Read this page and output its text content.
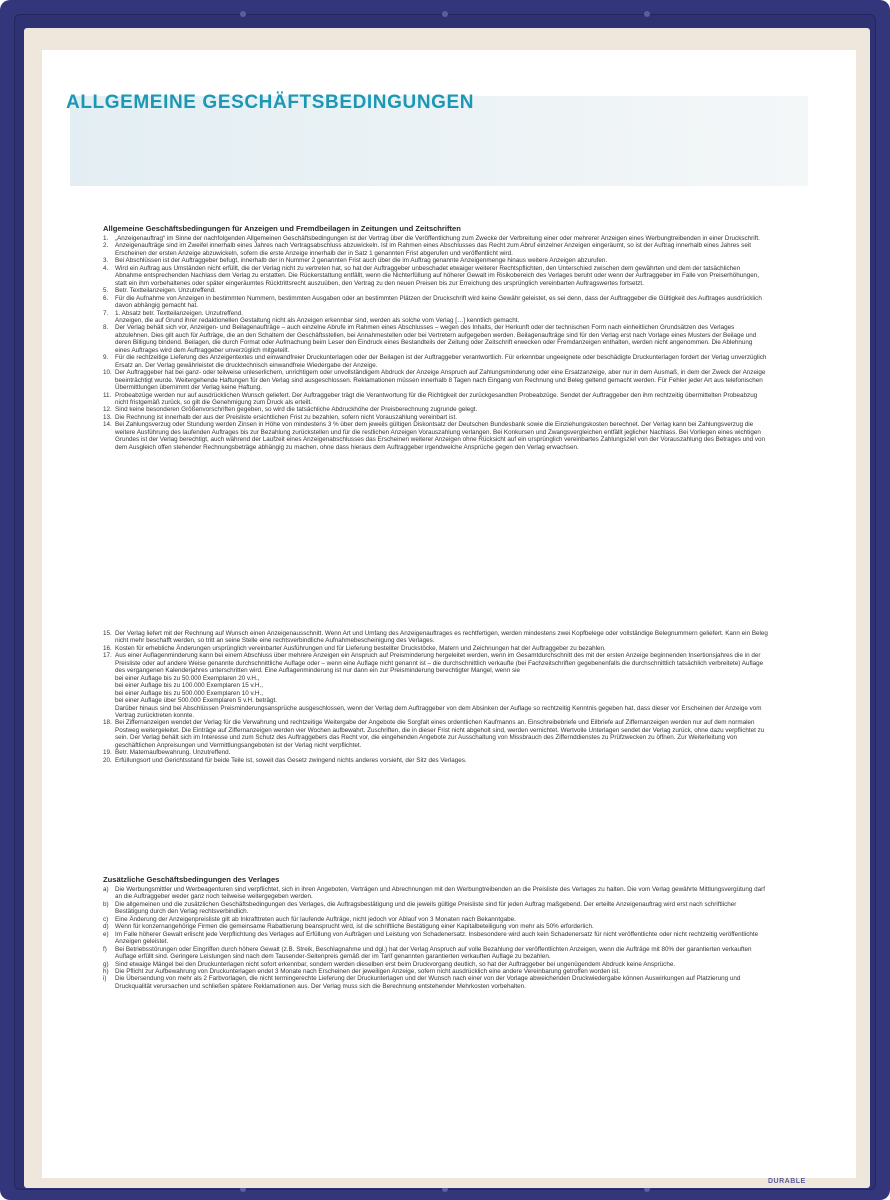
ALLGEMEINE GESCHÄFTSBEDINGUNGEN
Allgemeine Geschäftsbedingungen für Anzeigen und Fremdbeilagen in Zeitungen und Zeitschriften
1.	„Anzeigenauftrag“ im Sinne der nachfolgenden Allgemeinen Geschäftsbedingungen ist der Vertrag über die Veröffentlichung zum Zwecke der Verbreitung einer oder mehrerer Anzeigen eines Werbungtreibenden in einer Druckschrift.
2.	Anzeigenaufträge sind im Zweifel innerhalb eines Jahres nach Vertragsabschluss abzuwickeln. Ist im Rahmen eines Abschlusses das Recht zum Abruf einzelner Anzeigen eingeräumt, so ist der Auftrag innerhalb eines Jahres seit Erscheinen der ersten Anzeige abzuwickeln, sofern die erste Anzeige innerhalb der in Satz 1 genannten Frist abgerufen und veröffentlicht wird.
3.	Bei Abschlüssen ist der Auftraggeber befugt, innerhalb der in Nummer 2 genannten Frist auch über die im Auftrag genannte Anzeigenmenge hinaus weitere Anzeigen abzurufen.
4.	Wird ein Auftrag aus Umständen nicht erfüllt, die der Verlag nicht zu vertreten hat, so hat der Auftraggeber unbeschadet etwaiger weiterer Rechtspflichten, den Unterschied zwischen dem gewährten und dem der tatsächlichen Abnahme entsprechenden Nachlass dem Verlag zu erstatten. Die Rückerstattung entfällt, wenn die Nichterfüllung auf höherer Gewalt im Risikobereich des Verlages beruht oder wenn der Auftraggeber im Falle von Preiserhöhungen, statt ein ihm vorbehaltenes oder später eingeräumtes Rücktrittsrecht auszuüben, den Vertrag zu den neuen Preisen bis zur Erreichung des ursprünglich vereinbarten Auftragswertes fortsetzt.
5.	Betr. Textteilanzeigen. Unzutreffend.
6.	Für die Aufnahme von Anzeigen in bestimmten Nummern, bestimmten Ausgaben oder an bestimmten Plätzen der Druckschrift wird keine Gewähr geleistet, es sei denn, dass der Auftraggeber die Gültigkeit des Auftrages ausdrücklich davon abhängig gemacht hat.
7.	1. Absatz betr. Textteilanzeigen. Unzutreffend.
Anzeigen, die auf Grund ihrer redaktionellen Gestaltung nicht als Anzeigen erkennbar sind, werden als solche vom Verlag […] kenntlich gemacht.
8.	Der Verlag behält sich vor, Anzeigen- und Beilagenaufträge – auch einzelne Abrufe im Rahmen eines Abschlusses – wegen des Inhalts, der Herkunft oder der technischen Form nach einheitlichen Grundsätzen des Verlages abzulehnen. Dies gilt auch für Aufträge, die an den Schaltern der Geschäftsstellen, bei Annahmestellen oder bei Vertretern aufgegeben werden. Beilagenaufträge sind für den Verlag erst nach Vorlage eines Musters der Beilage und deren Billigung bindend. Beilagen, die durch Format oder Aufmachung beim Leser den Eindruck eines Bestandteils der Zeitung oder Zeitschrift erwecken oder Fremdanzeigen enthalten, werden nicht angenommen. Die Ablehnung eines Auftrages wird dem Auftraggeber unverzüglich mitgeteilt.
9.	Für die rechtzeitige Lieferung des Anzeigentextes und einwandfreier Druckunterlagen oder der Beilagen ist der Auftraggeber verantwortlich. Für erkennbar ungeeignete oder beschädigte Druckunterlagen fordert der Verlag unverzüglich Ersatz an. Der Verlag gewährleistet die drucktechnisch einwandfreie Wiedergabe der Anzeige.
10. Der Auftraggeber hat bei ganz- oder teilweise unleserlichem, unrichtigem oder unvollständigem Abdruck der Anzeige Anspruch auf Zahlungsminderung oder eine Ersatzanzeige, aber nur in dem Ausmaß, in dem der Zweck der Anzeige beeinträchtigt wurde. Weitergehende Haftungen für den Verlag sind ausgeschlossen. Reklamationen müssen innerhalb 8 Tagen nach Eingang von Rechnung und Beleg geltend gemacht werden. Für Fehler jeder Art aus telefonischen Übermittlungen übernimmt der Verlag keine Haftung.
11. Probeabzüge werden nur auf ausdrücklichen Wunsch geliefert. Der Auftraggeber trägt die Verantwortung für die Richtigkeit der zurückgesandten Probeabzüge. Sendet der Auftraggeber den ihm rechtzeitig übermittelten Probeabzug nicht fristgemäß zurück, so gilt die Genehmigung zum Druck als erteilt.
12. Sind keine besonderen Größenvorschriften gegeben, so wird die tatsächliche Abdruckhöhe der Preisberechnung zugrunde gelegt.
13. Die Rechnung ist innerhalb der aus der Preisliste ersichtlichen Frist zu bezahlen, sofern nicht Vorauszahlung vereinbart ist.
14. Bei Zahlungsverzug oder Stundung werden Zinsen in Höhe von mindestens 3 % über dem jeweils gültigen Diskontsatz der Deutschen Bundesbank sowie die Einziehungskosten berechnet. Der Verlag kann bei Zahlungsverzug die weitere Ausführung des laufenden Auftrages bis zur Bezahlung zurückstellen und für die restlichen Anzeigen Vorauszahlung verlangen. Bei Konkursen und Zwangsvergleichen entfällt jeglicher Nachlass. Bei Vorliegen eines wichtigen Grundes ist der Verlag berechtigt, auch während der Laufzeit eines Anzeigenabschlusses das Erscheinen weiterer Anzeigen ohne Rücksicht auf ein ursprünglich vereinbartes Zahlungsziel von der Vorauszahlung des Betrages und von dem Ausgleich offen stehender Rechnungsbeträge abhängig zu machen, ohne dass hieraus dem Auftraggeber irgendwelche Ansprüche gegen den Verlag erwachsen.
15. Der Verlag liefert mit der Rechnung auf Wunsch einen Anzeigenausschnitt. Wenn Art und Umfang des Anzeigenauftrages es rechtfertigen, werden mindestens zwei Kopfbelege oder vollständige Belegnummern geliefert. Kann ein Beleg nicht mehr beschafft werden, so tritt an seine Stelle eine rechtsverbindliche Aufnahmebescheinigung des Verlages.
16. Kosten für erhebliche Änderungen ursprünglich vereinbarter Ausführungen und für Lieferung bestellter Druckstöcke, Matern und Zeichnungen hat der Auftraggeber zu bezahlen.
17. Aus einer Auflagenminderung kann bei einem Abschluss über mehrere Anzeigen ein Anspruch auf Preisminderung hergeleitet werden, wenn im Gesamtdurchschnitt des mit der ersten Anzeige beginnenden Insertionsjahres die in der Preisliste oder auf andere Weise genannte durchschnittliche Auflage oder – wenn eine Auflage nicht genannt ist – die durchschnittlich verkaufte (bei Fachzeitschriften gegebenenfalls die durchschnittlich tatsächlich verbreitete) Auflage des vergangenen Kalenderjahres unterschritten wird. Eine Auflagenminderung ist nur dann ein zur Preisminderung berechtigter Mangel, wenn sie
bei einer Auflage bis zu 50.000 Exemplaren 20 v.H.,
bei einer Auflage bis zu 100.000 Exemplaren 15 v.H.,
bei einer Auflage bis zu 500.000 Exemplaren 10 v.H.,
bei einer Auflage über 500.000 Exemplaren 5 v.H. beträgt.
Darüber hinaus sind bei Abschlüssen Preisminderungsansprüche ausgeschlossen, wenn der Verlag dem Auftraggeber von dem Absinken der Auflage so rechtzeitig Kenntnis gegeben hat, dass dieser vor Erscheinen der Anzeige vom Vertrag zurücktreten konnte.
18. Bei Ziffernanzeigen wendet der Verlag für die Verwahrung und rechtzeitige Weitergabe der Angebote die Sorgfalt eines ordentlichen Kaufmanns an. Einschreibebriefe und Eilbriefe auf Ziffernanzeigen werden nur auf dem normalen Postweg weitergeleitet. Die Einträge auf Ziffernanzeigen werden vier Wochen aufbewahrt. Zuschriften, die in dieser Frist nicht abgeholt sind, werden vernichtet. Wertvolle Unterlagen sendet der Verlag zurück, ohne dazu verpflichtet zu sein. Der Verlag behält sich im Interesse und zum Schutz des Auftraggebers das Recht vor, die eingehenden Angebote zur Ausschaltung von Missbrauch des Ziffernddienstes zu Prüfzwecken zu öffnen. Zur Weiterleitung von geschäftlichen Anpreisungen und Vermittlungsangeboten ist der Verlag nicht verpflichtet.
19. Betr. Maternaufbewahrung. Unzutreffend.
20. Erfüllungsort und Gerichtsstand für beide Teile ist, soweit das Gesetz zwingend nichts anderes vorsieht, der Sitz des Verlages.
Zusätzliche Geschäftsbedingungen des Verlages
a)	Die Werbungsmittler und Werbeagenturen sind verpflichtet, sich in ihren Angeboten, Verträgen und Abrechnungen mit den Werbungtreibenden an die Preisliste des Verlages zu halten. Die vom Verlag gewährte Mittlungsvergütung darf an die Auftraggeber weder ganz noch teilweise weitergegeben werden.
b)	Die allgemeinen und die zusätzlichen Geschäftsbedingungen des Verlages, die Auftragsbestätigung und die jeweils gültige Preisliste sind für jeden Auftrag maßgebend. Der erteilte Anzeigenauftrag wird erst nach schriftlicher Bestätigung durch den Verlag rechtsverbindlich.
c)	Eine Änderung der Anzeigenpreisliste gilt ab Inkrafttreten auch für laufende Aufträge, nicht jedoch vor Ablauf von 3 Monaten nach Bekanntgabe.
d)	Wenn für konzernangehörige Firmen die gemeinsame Rabattierung beansprucht wird, ist die schriftliche Bestätigung einer Kapitalbeteiligung von mehr als 50% erforderlich.
e)	Im Falle höherer Gewalt erlischt jede Verpflichtung des Verlages auf Erfüllung von Aufträgen und Leistung von Schadenersatz. Insbesondere wird auch kein Schadenersatz für nicht veröffentlichte oder nicht rechtzeitig veröffentlichte Anzeigen geleistet.
f)	Bei Betriebsstörungen oder Eingriffen durch höhere Gewalt (z.B. Streik, Beschlagnahme und dgl.) hat der Verlag Anspruch auf volle Bezahlung der veröffentlichten Anzeigen, wenn die Aufträge mit 80% der garantierten verkauften Auflage erfüllt sind. Geringere Leistungen sind nach dem Tausender-Seitenpreis gemäß der im Tarif genannten garantierten verkauften Auflage zu bezahlen.
g)	Sind etwaige Mängel bei den Druckunterlagen nicht sofort erkennbar, sondern werden dieselben erst beim Druckvorgang deutlich, so hat der Auftraggeber bei ungenügendem Abdruck keine Ansprüche.
h)	Die Pflicht zur Aufbewahrung von Druckunterlagen endet 3 Monate nach Erscheinen der jeweiligen Anzeige, sofern nicht ausdrücklich eine andere Vereinbarung getroffen worden ist.
i)	Die Übersendung von mehr als 2 Farbvorlagen, die nicht termingerechte Lieferung der Druckunterlagen und der Wunsch nach einer von der Vorlage abweichenden Druckwiedergabe können Auswirkungen auf Platzierung und Druckqualität verursachen und schließen spätere Reklamationen aus. Der Verlag muss sich die Berechnung entstehender Mehrkosten vorbehalten.
DURABLE
